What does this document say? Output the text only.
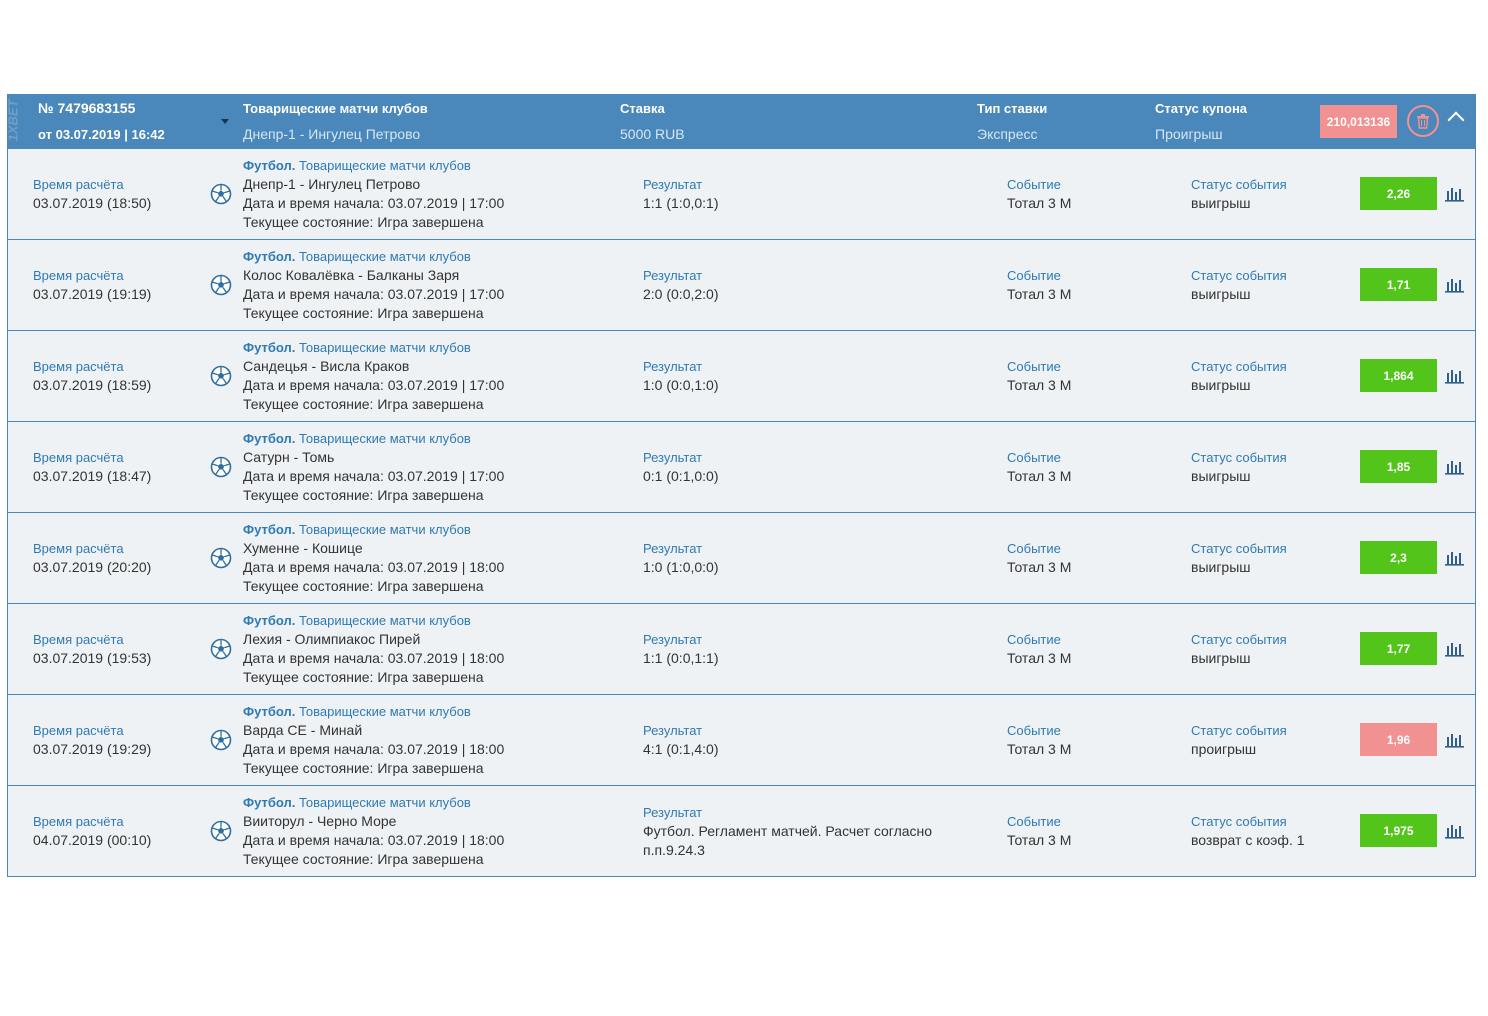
1XBET № 7479683155
от 03.07.2019 | 16:42
Товарищеские матчи клубов
Днепр-1 - Ингулец Петрово
Ставка
5000 RUB
Тип ставки
Экспресс
Статус купона
Проигрыш
210,013136
Время расчёта
03.07.2019 (18:50)
Футбол. Товарищеские матчи клубов
Днепр-1 - Ингулец Петрово
Дата и время начала: 03.07.2019 | 17:00
Текущее состояние: Игра завершена
Результат
1:1 (1:0,0:1)
Событие
Тотал 3 М
Статус события
выигрыш
2,26
Время расчёта
03.07.2019 (19:19)
Футбол. Товарищеские матчи клубов
Колос Ковалёвка - Балканы Заря
Дата и время начала: 03.07.2019 | 17:00
Текущее состояние: Игра завершена
Результат
2:0 (0:0,2:0)
Событие
Тотал 3 М
Статус события
выигрыш
1,71
Время расчёта
03.07.2019 (18:59)
Футбол. Товарищеские матчи клубов
Сандецья - Висла Краков
Дата и время начала: 03.07.2019 | 17:00
Текущее состояние: Игра завершена
Результат
1:0 (0:0,1:0)
Событие
Тотал 3 М
Статус события
выигрыш
1,864
Время расчёта
03.07.2019 (18:47)
Футбол. Товарищеские матчи клубов
Сатурн - Томь
Дата и время начала: 03.07.2019 | 17:00
Текущее состояние: Игра завершена
Результат
0:1 (0:1,0:0)
Событие
Тотал 3 М
Статус события
выигрыш
1,85
Время расчёта
03.07.2019 (20:20)
Футбол. Товарищеские матчи клубов
Хуменне - Кошице
Дата и время начала: 03.07.2019 | 18:00
Текущее состояние: Игра завершена
Результат
1:0 (1:0,0:0)
Событие
Тотал 3 М
Статус события
выигрыш
2,3
Время расчёта
03.07.2019 (19:53)
Футбол. Товарищеские матчи клубов
Лехия - Олимпиакос Пирей
Дата и время начала: 03.07.2019 | 18:00
Текущее состояние: Игра завершена
Результат
1:1 (0:0,1:1)
Событие
Тотал 3 М
Статус события
выигрыш
1,77
Время расчёта
03.07.2019 (19:29)
Футбол. Товарищеские матчи клубов
Варда СЕ - Минай
Дата и время начала: 03.07.2019 | 18:00
Текущее состояние: Игра завершена
Результат
4:1 (0:1,4:0)
Событие
Тотал 3 М
Статус события
проигрыш
1,96
Время расчёта
04.07.2019 (00:10)
Футбол. Товарищеские матчи клубов
Вииторул - Черно Море
Дата и время начала: 03.07.2019 | 18:00
Текущее состояние: Игра завершена
Результат
Футбол. Регламент матчей. Расчет согласно
п.п.9.24.3
Событие
Тотал 3 М
Статус события
возврат с коэф. 1
1,975
